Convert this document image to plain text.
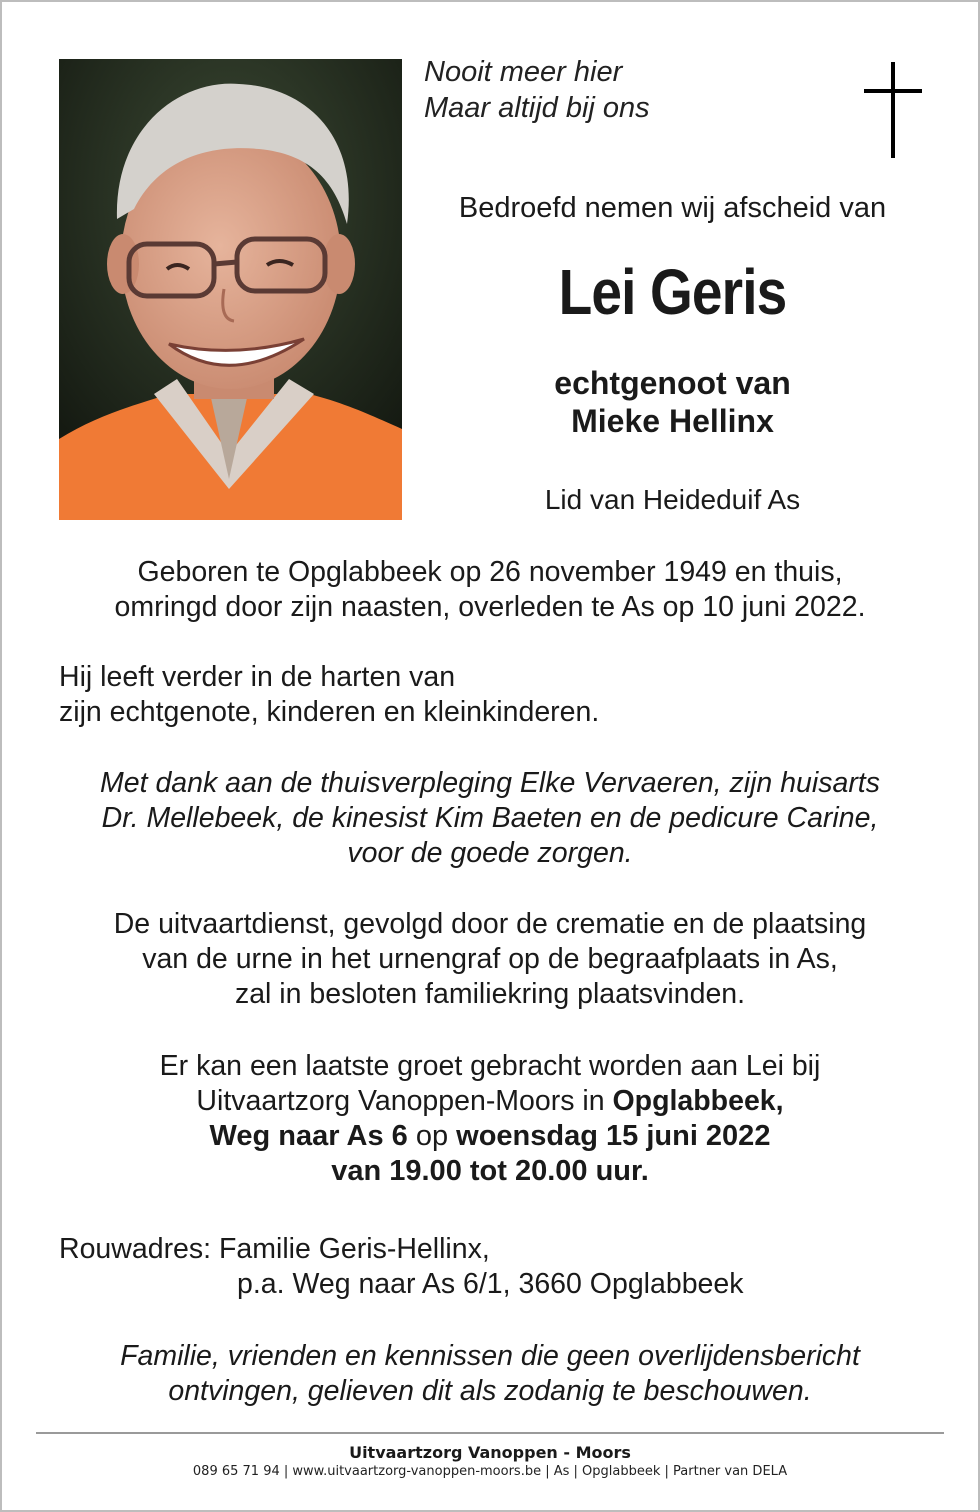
Nooit meer hier
Maar altijd bij ons
Bedroefd nemen wij afscheid van
Lei Geris
echtgenoot van
Mieke Hellinx
Lid van Heideduif As
Geboren te Opglabbeek op 26 november 1949 en thuis,
omringd door zijn naasten, overleden te As op 10 juni 2022.
Hij leeft verder in de harten van
zijn echtgenote, kinderen en kleinkinderen.
Met dank aan de thuisverpleging Elke Vervaeren, zijn huisarts
Dr. Mellebeek, de kinesist Kim Baeten en de pedicure Carine,
voor de goede zorgen.
De uitvaartdienst, gevolgd door de crematie en de plaatsing
van de urne in het urnengraf op de begraafplaats in As,
zal in besloten familiekring plaatsvinden.
Er kan een laatste groet gebracht worden aan Lei bij
Uitvaartzorg Vanoppen-Moors in Opglabbeek,
Weg naar As 6 op woensdag 15 juni 2022
van 19.00 tot 20.00 uur.
Rouwadres: Familie Geris-Hellinx,
p.a. Weg naar As 6/1, 3660 Opglabbeek
Familie, vrienden en kennissen die geen overlijdensbericht
ontvingen, gelieven dit als zodanig te beschouwen.
Uitvaartzorg Vanoppen - Moors
089 65 71 94 | www.uitvaartzorg-vanoppen-moors.be | As | Opglabbeek | Partner van DELA
